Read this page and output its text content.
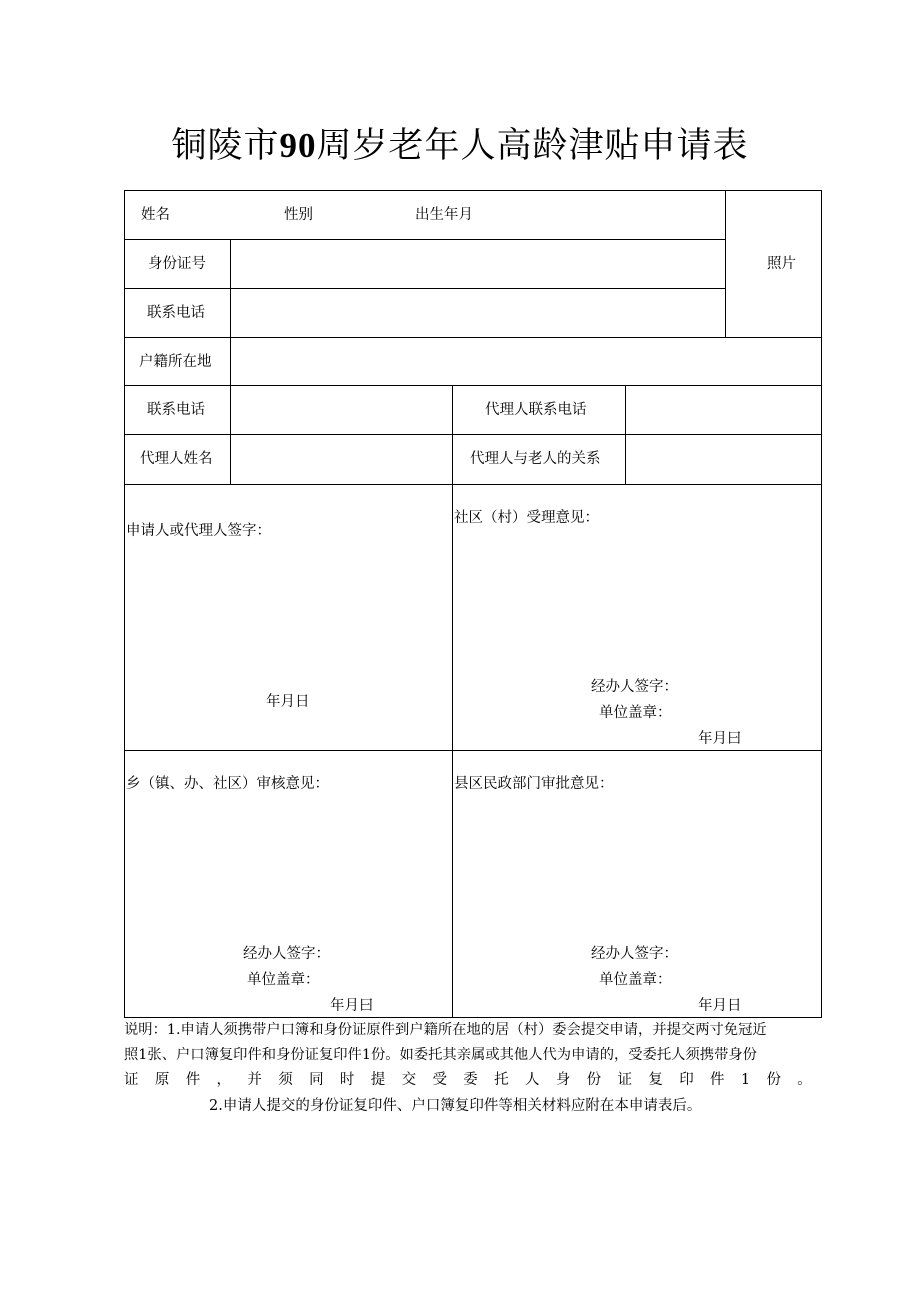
铜陵市90周岁老年人高龄津贴申请表
姓名	性别	出生年月
照片
身份证号
联系电话
户籍所在地
联系电话	代理人联系电话
代理人姓名	代理人与老人的关系
申请人或代理人签字：
年月日
社区（村）受理意见：
经办人签字：
单位盖章：
年月曰
乡（镇、办、社区）审核意见：
经办人签字：
单位盖章：
年月曰
县区民政部门审批意见：
经办人签字：
单位盖章：
年月日
说明：1.申请人须携带户口簿和身份证原件到户籍所在地的居（村）委会提交申请，并提交两寸免冠近
照1张、户口簿复印件和身份证复印件1份。如委托其亲属或其他人代为申请的，受委托人须携带身份
证 原 件 ， 并 须 同 时 提 交 受 委 托 人 身 份 证 复 印 件 1 份 。
2.申请人提交的身份证复印件、户口簿复印件等相关材料应附在本申请表后。
